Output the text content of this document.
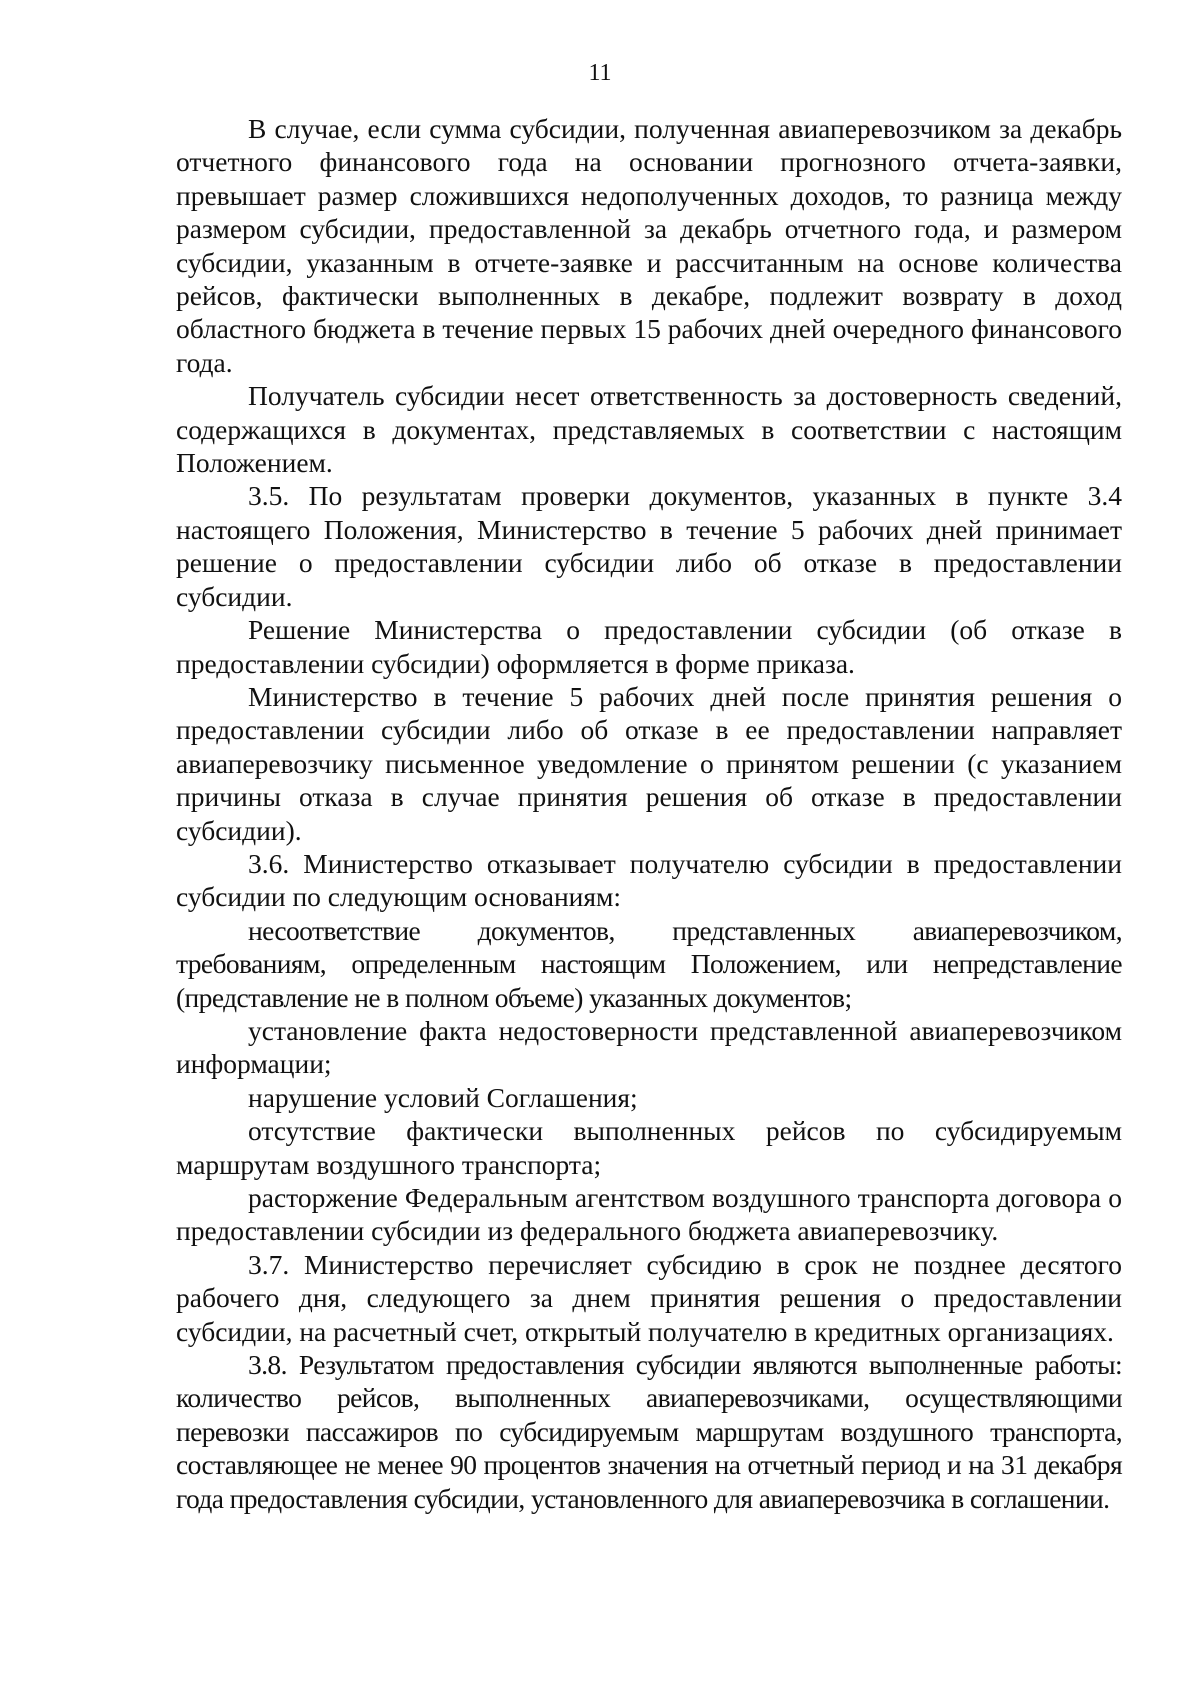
11

В случае, если сумма субсидии, полученная авиаперевозчиком за декабрь отчетного финансового года на основании прогнозного отчета-заявки, превышает размер сложившихся недополученных доходов, то разница между размером субсидии, предоставленной за декабрь отчетного года, и размером субсидии, указанным в отчете-заявке и рассчитанным на основе количества рейсов, фактически выполненных в декабре, подлежит возврату в доход областного бюджета в течение первых 15 рабочих дней очередного финансового года.

Получатель субсидии несет ответственность за достоверность сведений, содержащихся в документах, представляемых в соответствии с настоящим Положением.

3.5. По результатам проверки документов, указанных в пункте 3.4 настоящего Положения, Министерство в течение 5 рабочих дней принимает решение о предоставлении субсидии либо об отказе в предоставлении субсидии.

Решение Министерства о предоставлении субсидии (об отказе в предоставлении субсидии) оформляется в форме приказа.

Министерство в течение 5 рабочих дней после принятия решения о предоставлении субсидии либо об отказе в ее предоставлении направляет авиаперевозчику письменное уведомление о принятом решении (с указанием причины отказа в случае принятия решения об отказе в предоставлении субсидии).

3.6. Министерство отказывает получателю субсидии в предоставлении субсидии по следующим основаниям:

несоответствие документов, представленных авиаперевозчиком, требованиям, определенным настоящим Положением, или непредставление (представление не в полном объеме) указанных документов;

установление факта недостоверности представленной авиаперевозчиком информации;

нарушение условий Соглашения;

отсутствие фактически выполненных рейсов по субсидируемым маршрутам воздушного транспорта;

расторжение Федеральным агентством воздушного транспорта договора о предоставлении субсидии из федерального бюджета авиаперевозчику.

3.7. Министерство перечисляет субсидию в срок не позднее десятого рабочего дня, следующего за днем принятия решения о предоставлении субсидии, на расчетный счет, открытый получателю в кредитных организациях.

3.8. Результатом предоставления субсидии являются выполненные работы: количество рейсов, выполненных авиаперевозчиками, осуществляющими перевозки пассажиров по субсидируемым маршрутам воздушного транспорта, составляющее не менее 90 процентов значения на отчетный период и на 31 декабря года предоставления субсидии, установленного для авиаперевозчика в соглашении.
